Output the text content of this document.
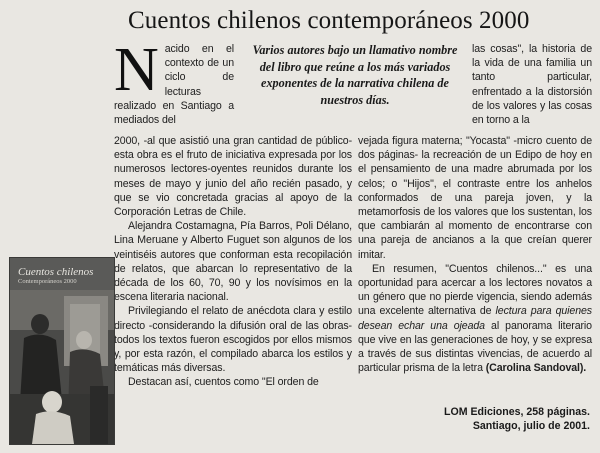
Cuentos chilenos contemporáneos 2000

Nacido en el contexto de un ciclo de lecturas realizado en Santiago a mediados del

Varios autores bajo un llamativo nombre del libro que reúne a los más variados exponentes de la narrativa chilena de nuestros días.

las cosas", la historia de la vida de una familia un tanto particular, enfrentado a la distorsión de los valores y las cosas en torno a la

2000, -al que asistió una gran cantidad de público- esta obra es el fruto de iniciativa expresada por los numerosos lectores-oyentes reunidos durante los meses de mayo y junio del año recién pasado, y que se vio concretada gracias al apoyo de la Corporación Letras de Chile.

Alejandra Costamagna, Pía Barros, Poli Délano, Lina Meruane y Alberto Fuguet son algunos de los veintiséis autores que conforman esta recopilación de relatos, que abarcan lo representativo de la década de los 60, 70, 90 y los novísimos en la escena literaria nacional.

Privilegiando el relato de anécdota clara y estilo directo -considerando la difusión oral de las obras- todos los textos fueron escogidos por ellos mismos y, por esta razón, el compilado abarca los estilos y temáticas más diversas.

Destacan así, cuentos como "El orden de

vejada figura materna; "Yocasta" -micro cuento de dos páginas- la recreación de un Edipo de hoy en el pensamiento de una madre abrumada por los celos; o "Hijos", el contraste entre los anhelos conformados de una pareja joven, y la metamorfosis de los valores que los sustentan, los que cambiarán al momento de encontrarse con una pareja de ancianos a la que creían querer imitar.

En resumen, "Cuentos chilenos..." es una oportunidad para acercar a los lectores novatos a un género que no pierde vigencia, siendo además una excelente alternativa de lectura para quienes desean echar una ojeada al panorama literario que vive en las generaciones de hoy, y se expresa a través de sus distintas vivencias, de acuerdo al particular prisma de la letra (Carolina Sandoval).

LOM Ediciones, 258 páginas.
Santiago, julio de 2001.
Cuentos chilenos
Contemporáneos 2000
